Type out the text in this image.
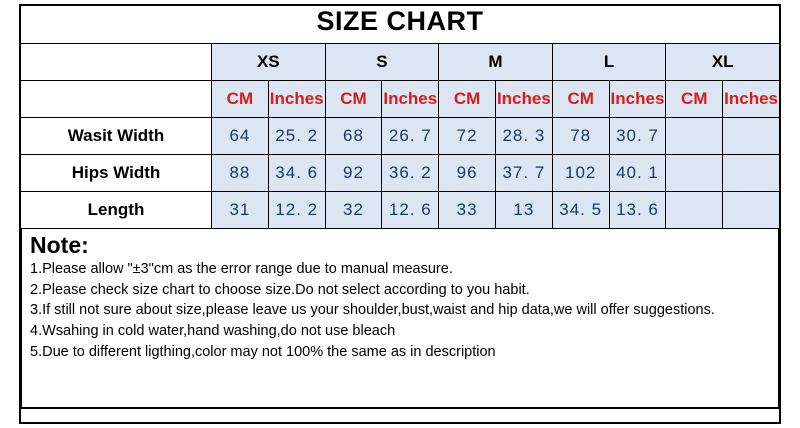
SIZE CHART
	XS		S		M		L		XL	
	CM	Inches	CM	Inches	CM	Inches	CM	Inches	CM	Inches
Wasit Width	64	25. 2	68	26. 7	72	28. 3	78	30. 7		
Hips Width	88	34. 6	92	36. 2	96	37. 7	102	40. 1		
Length	31	12. 2	32	12. 6	33	13	34. 5	13. 6		
Note:
1.Please allow "±3"cm as the error range due to manual measure.
2.Please check size chart to choose size.Do not select according to you habit.
3.If still not sure about size,please leave us your shoulder,bust,waist and hip data,we will offer suggestions.
4.Wsahing in cold water,hand washing,do not use bleach
5.Due to different ligthing,color may not 100% the same as in description
